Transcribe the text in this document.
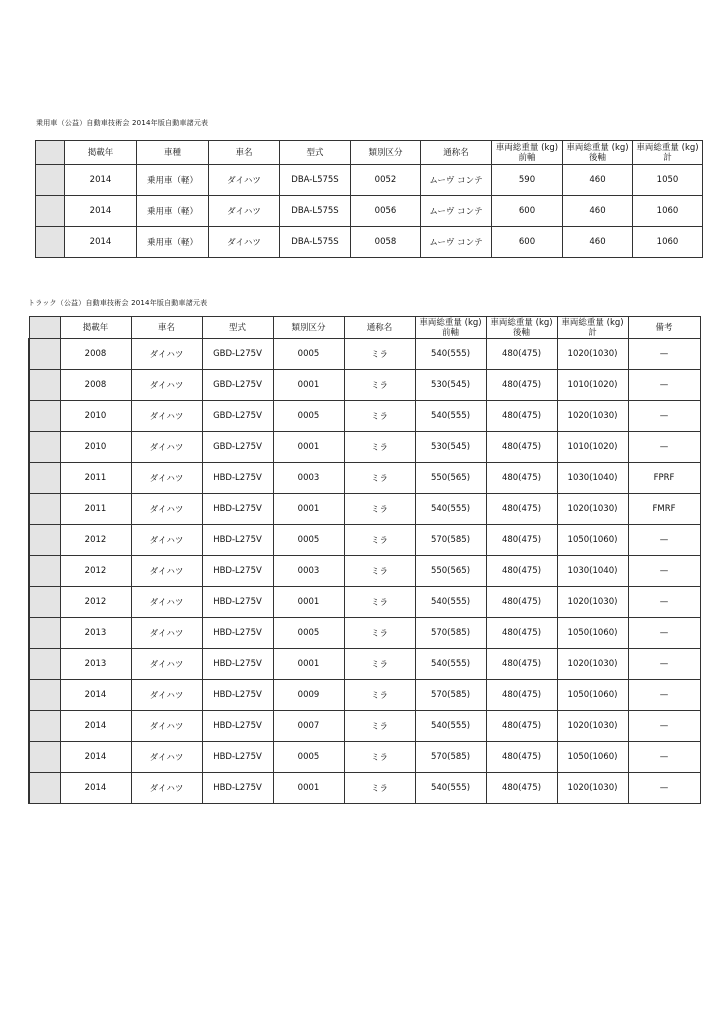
乗用車（公益）自動車技術会 2014年版自動車諸元表
	掲載年	車種	車名	型式	類別区分	通称名	車両総重量 (kg)前軸	車両総重量 (kg)後軸	車両総重量 (kg)計
	2014	乗用車（軽）	ダイハツ	DBA-L575S	0052	ムーヴ コンテ	590	460	1050
	2014	乗用車（軽）	ダイハツ	DBA-L575S	0056	ムーヴ コンテ	600	460	1060
	2014	乗用車（軽）	ダイハツ	DBA-L575S	0058	ムーヴ コンテ	600	460	1060
トラック（公益）自動車技術会 2014年版自動車諸元表
	掲載年	車名	型式	類別区分	通称名	車両総重量 (kg)前軸	車両総重量 (kg)後軸	車両総重量 (kg)計	備考
	2008	ダイハツ	GBD-L275V	0005	ミラ	540(555)	480(475)	1020(1030)	—
	2008	ダイハツ	GBD-L275V	0001	ミラ	530(545)	480(475)	1010(1020)	—
	2010	ダイハツ	GBD-L275V	0005	ミラ	540(555)	480(475)	1020(1030)	—
	2010	ダイハツ	GBD-L275V	0001	ミラ	530(545)	480(475)	1010(1020)	—
	2011	ダイハツ	HBD-L275V	0003	ミラ	550(565)	480(475)	1030(1040)	FPRF
	2011	ダイハツ	HBD-L275V	0001	ミラ	540(555)	480(475)	1020(1030)	FMRF
	2012	ダイハツ	HBD-L275V	0005	ミラ	570(585)	480(475)	1050(1060)	—
	2012	ダイハツ	HBD-L275V	0003	ミラ	550(565)	480(475)	1030(1040)	—
	2012	ダイハツ	HBD-L275V	0001	ミラ	540(555)	480(475)	1020(1030)	—
	2013	ダイハツ	HBD-L275V	0005	ミラ	570(585)	480(475)	1050(1060)	—
	2013	ダイハツ	HBD-L275V	0001	ミラ	540(555)	480(475)	1020(1030)	—
	2014	ダイハツ	HBD-L275V	0009	ミラ	570(585)	480(475)	1050(1060)	—
	2014	ダイハツ	HBD-L275V	0007	ミラ	540(555)	480(475)	1020(1030)	—
	2014	ダイハツ	HBD-L275V	0005	ミラ	570(585)	480(475)	1050(1060)	—
	2014	ダイハツ	HBD-L275V	0001	ミラ	540(555)	480(475)	1020(1030)	—
